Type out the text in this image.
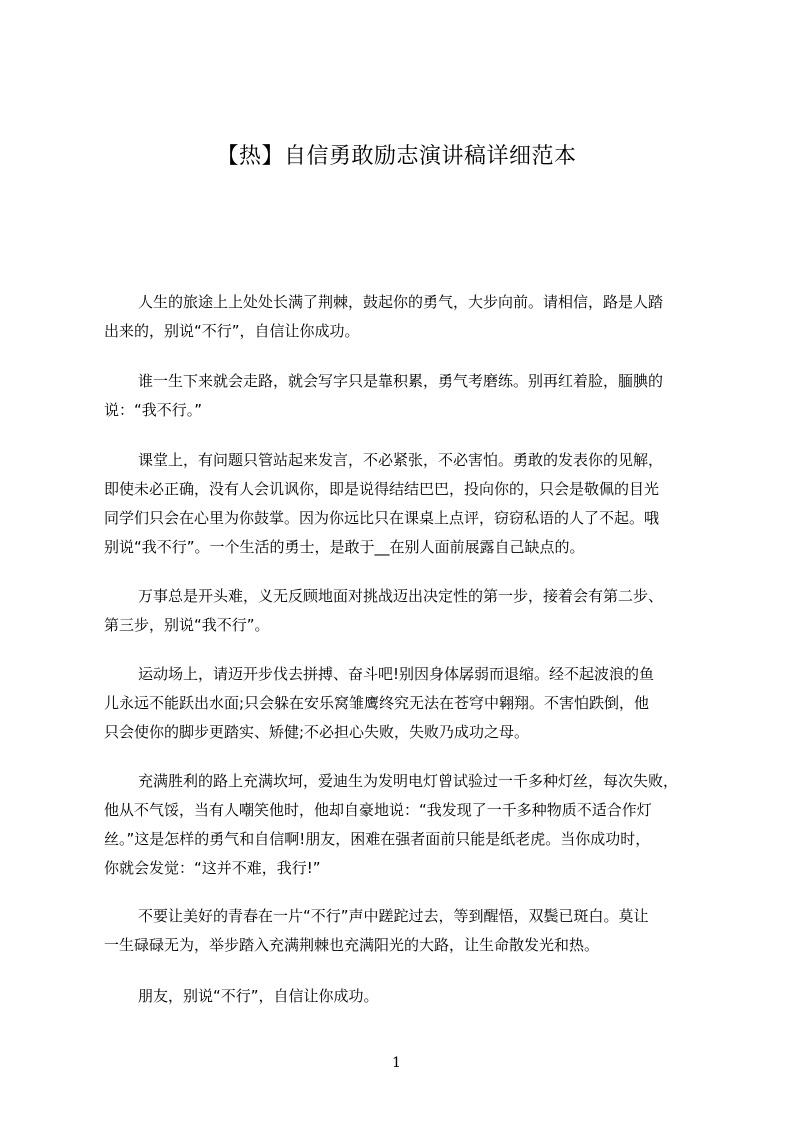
【热】自信勇敢励志演讲稿详细范本
人生的旅途上上处处长满了荆棘，鼓起你的勇气，大步向前。请相信，路是人踏
出来的，别说“不行”，自信让你成功。
谁一生下来就会走路，就会写字只是靠积累，勇气考磨练。别再红着脸，腼腆的
说：“我不行。”
课堂上，有问题只管站起来发言，不必紧张，不必害怕。勇敢的发表你的见解，
即使未必正确，没有人会讥讽你，即是说得结结巴巴，投向你的，只会是敬佩的目光
同学们只会在心里为你鼓掌。因为你远比只在课桌上点评，窃窃私语的人了不起。哦
别说“我不行”。一个生活的勇士，是敢于__在别人面前展露自己缺点的。
万事总是开头难，义无反顾地面对挑战迈出决定性的第一步，接着会有第二步、
第三步，别说“我不行”。
运动场上，请迈开步伐去拼搏、奋斗吧!别因身体孱弱而退缩。经不起波浪的鱼
儿永远不能跃出水面;只会躲在安乐窝雏鹰终究无法在苍穹中翱翔。不害怕跌倒，他
只会使你的脚步更踏实、矫健;不必担心失败，失败乃成功之母。
充满胜利的路上充满坎坷，爱迪生为发明电灯曾试验过一千多种灯丝，每次失败，
他从不气馁，当有人嘲笑他时，他却自豪地说：“我发现了一千多种物质不适合作灯
丝。”这是怎样的勇气和自信啊!朋友，困难在强者面前只能是纸老虎。当你成功时，
你就会发觉：“这并不难，我行!”
不要让美好的青春在一片“不行”声中蹉跎过去，等到醒悟，双鬓已斑白。莫让
一生碌碌无为，举步踏入充满荆棘也充满阳光的大路，让生命散发光和热。
朋友，别说“不行”，自信让你成功。
1
